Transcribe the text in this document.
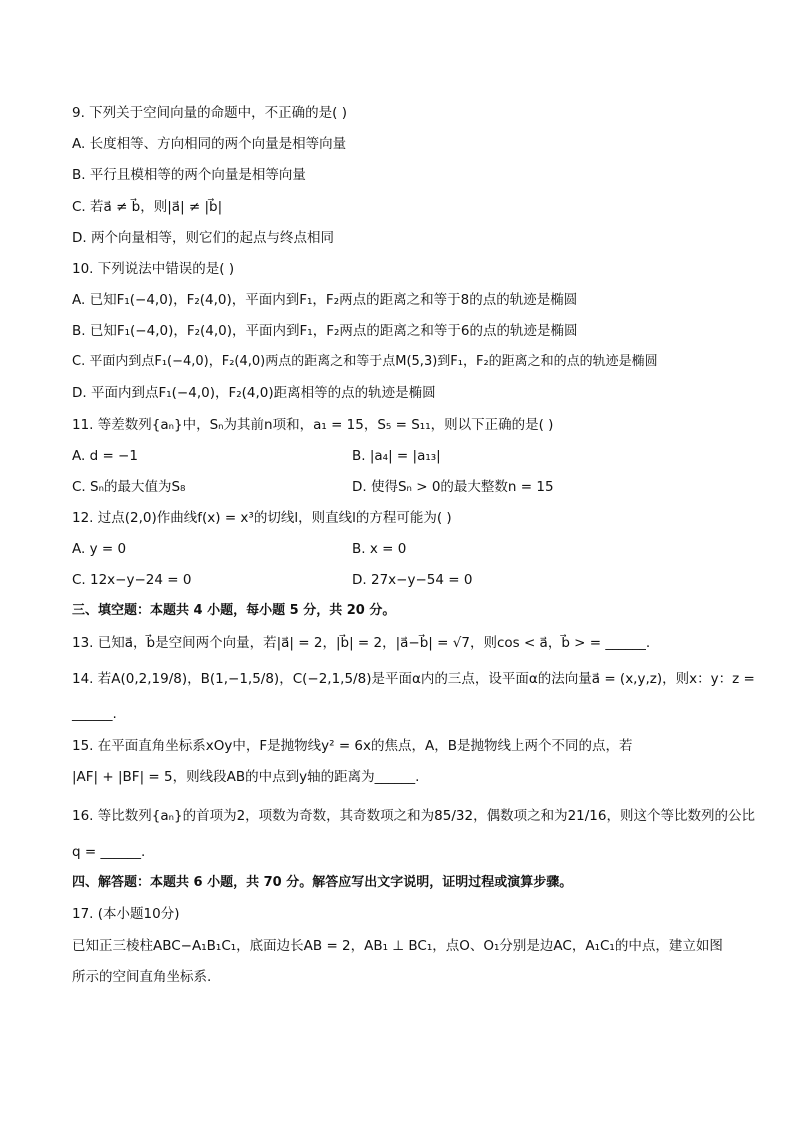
9. 下列关于空间向量的命题中，不正确的是( )
A. 长度相等、方向相同的两个向量是相等向量
B. 平行且模相等的两个向量是相等向量
C. 若a⃗ ≠ b⃗，则|a⃗| ≠ |b⃗|
D. 两个向量相等，则它们的起点与终点相同
10. 下列说法中错误的是( )
A. 已知F₁(−4,0)，F₂(4,0)，平面内到F₁，F₂两点的距离之和等于8的点的轨迹是椭圆
B. 已知F₁(−4,0)，F₂(4,0)，平面内到F₁，F₂两点的距离之和等于6的点的轨迹是椭圆
C. 平面内到点F₁(−4,0)，F₂(4,0)两点的距离之和等于点M(5,3)到F₁，F₂的距离之和的点的轨迹是椭圆
D. 平面内到点F₁(−4,0)，F₂(4,0)距离相等的点的轨迹是椭圆
11. 等差数列{aₙ}中，Sₙ为其前n项和，a₁ = 15，S₅ = S₁₁，则以下正确的是( )
A. d = −1	B. |a₄| = |a₁₃|
C. Sₙ的最大值为S₈	D. 使得Sₙ > 0的最大整数n = 15
12. 过点(2,0)作曲线f(x) = x³的切线l，则直线l的方程可能为( )
A. y = 0	B. x = 0
C. 12x−y−24 = 0	D. 27x−y−54 = 0
三、填空题：本题共 4 小题，每小题 5 分，共 20 分。
13. 已知a⃗，b⃗是空间两个向量，若|a⃗| = 2，|b⃗| = 2，|a⃗−b⃗| = √7，则cos < a⃗，b⃗ > = ______.
14. 若A(0,2,19/8)，B(1,−1,5/8)，C(−2,1,5/8)是平面α内的三点，设平面α的法向量a⃗ = (x,y,z)，则x：y：z =
______.
15. 在平面直角坐标系xOy中，F是抛物线y² = 6x的焦点，A，B是抛物线上两个不同的点，若
|AF| + |BF| = 5，则线段AB的中点到y轴的距离为______.
16. 等比数列{aₙ}的首项为2，项数为奇数，其奇数项之和为85/32，偶数项之和为21/16，则这个等比数列的公比
q = ______.
四、解答题：本题共 6 小题，共 70 分。解答应写出文字说明，证明过程或演算步骤。
17. (本小题10分)
已知正三棱柱ABC−A₁B₁C₁，底面边长AB = 2，AB₁ ⊥ BC₁，点O、O₁分别是边AC，A₁C₁的中点，建立如图
所示的空间直角坐标系.
